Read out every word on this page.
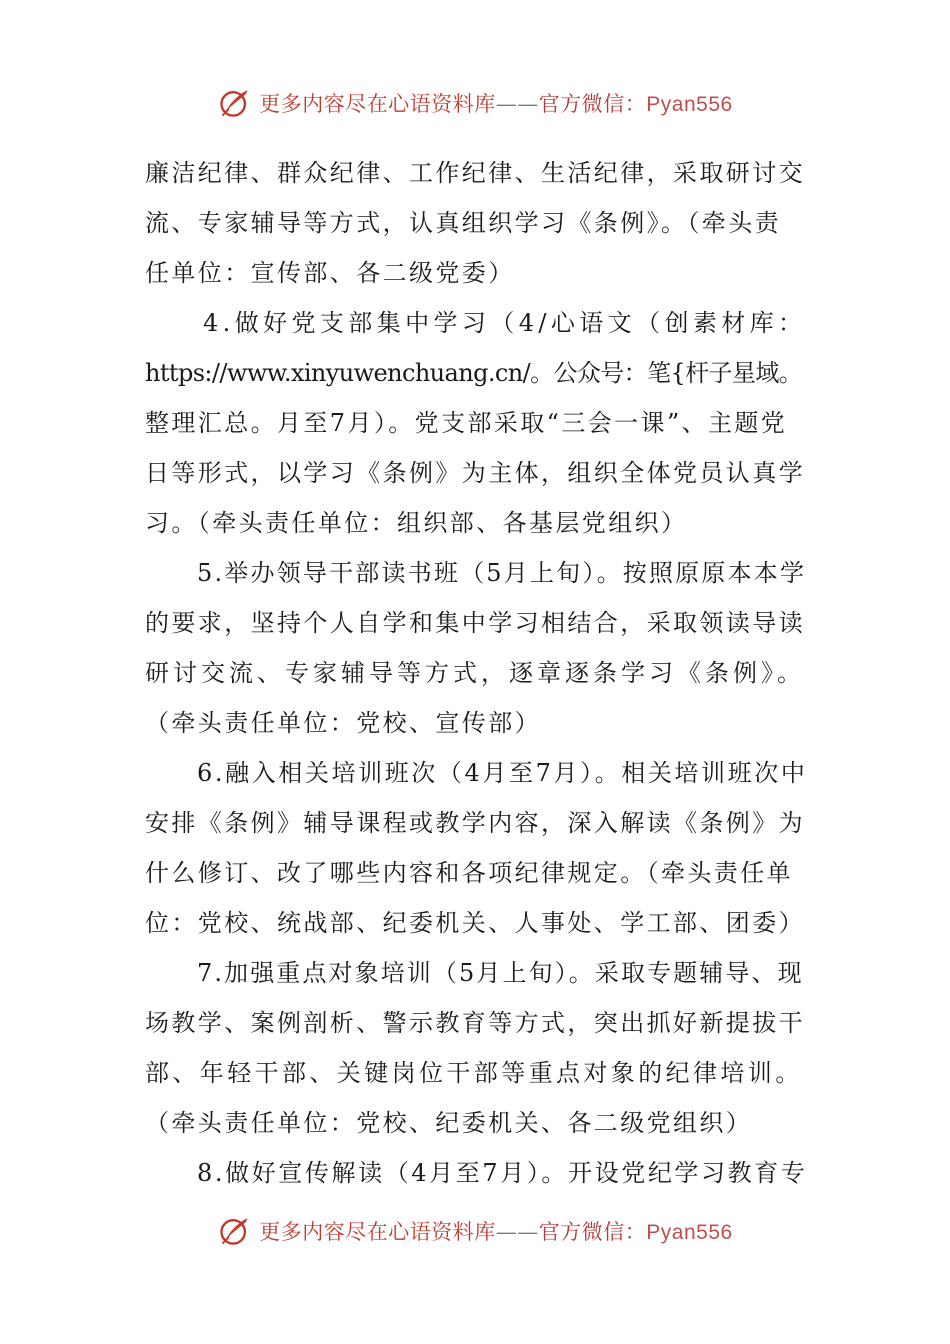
更多内容尽在心语资料库——官方微信：Pyan556
廉洁纪律、群众纪律、工作纪律、生活纪律，采取研讨交
流、专家辅导等方式，认真组织学习《条例》。（牵头责
任单位：宣传部、各二级党委）
4.做好党支部集中学习（4/心语文（创素材库：
https://www.xinyuwenchuang.cn/。公众号：笔{杆子星域。
整理汇总。月至7月）。党支部采取“三会一课”、主题党
日等形式，以学习《条例》为主体，组织全体党员认真学
习。（牵头责任单位：组织部、各基层党组织）
5.举办领导干部读书班（5月上旬）。按照原原本本学
的要求，坚持个人自学和集中学习相结合，采取领读导读
研讨交流、专家辅导等方式，逐章逐条学习《条例》。
（牵头责任单位：党校、宣传部）
6.融入相关培训班次（4月至7月）。相关培训班次中
安排《条例》辅导课程或教学内容，深入解读《条例》为
什么修订、改了哪些内容和各项纪律规定。（牵头责任单
位：党校、统战部、纪委机关、人事处、学工部、团委）
7.加强重点对象培训（5月上旬）。采取专题辅导、现
场教学、案例剖析、警示教育等方式，突出抓好新提拔干
部、年轻干部、关键岗位干部等重点对象的纪律培训。
（牵头责任单位：党校、纪委机关、各二级党组织）
8.做好宣传解读（4月至7月）。开设党纪学习教育专
更多内容尽在心语资料库——官方微信：Pyan556
